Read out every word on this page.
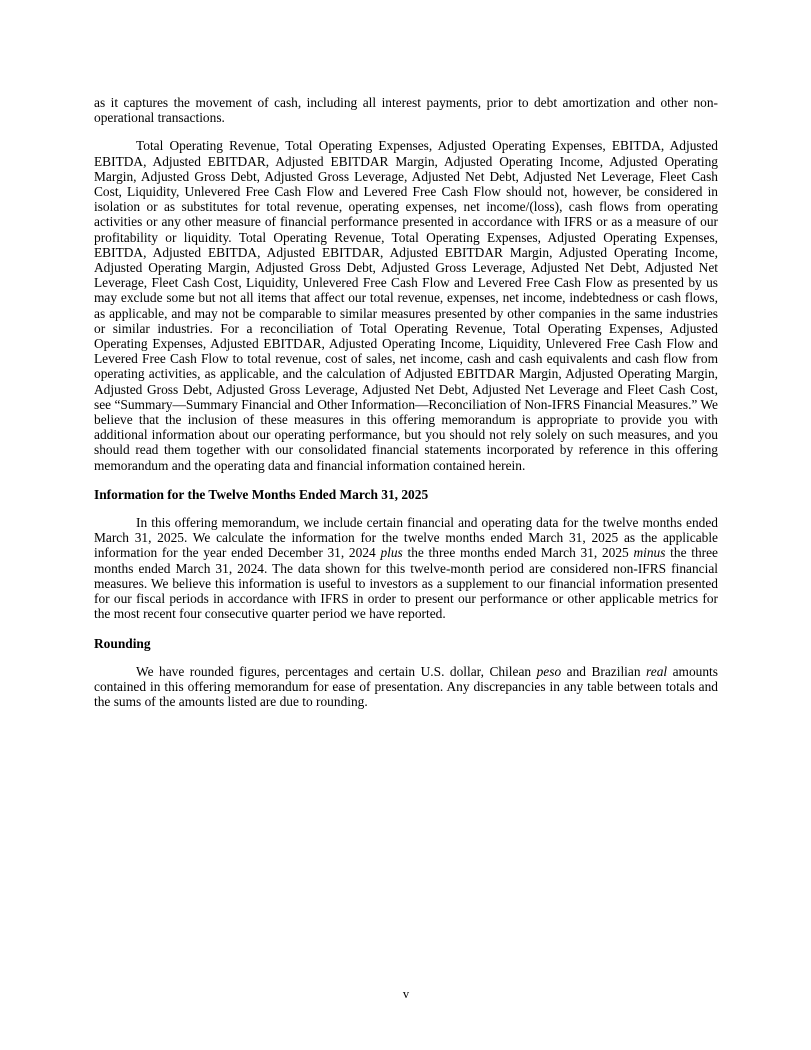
as it captures the movement of cash, including all interest payments, prior to debt amortization and other non-operational transactions.

Total Operating Revenue, Total Operating Expenses, Adjusted Operating Expenses, EBITDA, Adjusted EBITDA, Adjusted EBITDAR, Adjusted EBITDAR Margin, Adjusted Operating Income, Adjusted Operating Margin, Adjusted Gross Debt, Adjusted Gross Leverage, Adjusted Net Debt, Adjusted Net Leverage, Fleet Cash Cost, Liquidity, Unlevered Free Cash Flow and Levered Free Cash Flow should not, however, be considered in isolation or as substitutes for total revenue, operating expenses, net income/(loss), cash flows from operating activities or any other measure of financial performance presented in accordance with IFRS or as a measure of our profitability or liquidity. Total Operating Revenue, Total Operating Expenses, Adjusted Operating Expenses, EBITDA, Adjusted EBITDA, Adjusted EBITDAR, Adjusted EBITDAR Margin, Adjusted Operating Income, Adjusted Operating Margin, Adjusted Gross Debt, Adjusted Gross Leverage, Adjusted Net Debt, Adjusted Net Leverage, Fleet Cash Cost, Liquidity, Unlevered Free Cash Flow and Levered Free Cash Flow as presented by us may exclude some but not all items that affect our total revenue, expenses, net income, indebtedness or cash flows, as applicable, and may not be comparable to similar measures presented by other companies in the same industries or similar industries. For a reconciliation of Total Operating Revenue, Total Operating Expenses, Adjusted Operating Expenses, Adjusted EBITDAR, Adjusted Operating Income, Liquidity, Unlevered Free Cash Flow and Levered Free Cash Flow to total revenue, cost of sales, net income, cash and cash equivalents and cash flow from operating activities, as applicable, and the calculation of Adjusted EBITDAR Margin, Adjusted Operating Margin, Adjusted Gross Debt, Adjusted Gross Leverage, Adjusted Net Debt, Adjusted Net Leverage and Fleet Cash Cost, see “Summary—Summary Financial and Other Information—Reconciliation of Non-IFRS Financial Measures.” We believe that the inclusion of these measures in this offering memorandum is appropriate to provide you with additional information about our operating performance, but you should not rely solely on such measures, and you should read them together with our consolidated financial statements incorporated by reference in this offering memorandum and the operating data and financial information contained herein.

Information for the Twelve Months Ended March 31, 2025

In this offering memorandum, we include certain financial and operating data for the twelve months ended March 31, 2025. We calculate the information for the twelve months ended March 31, 2025 as the applicable information for the year ended December 31, 2024 plus the three months ended March 31, 2025 minus the three months ended March 31, 2024. The data shown for this twelve-month period are considered non-IFRS financial measures. We believe this information is useful to investors as a supplement to our financial information presented for our fiscal periods in accordance with IFRS in order to present our performance or other applicable metrics for the most recent four consecutive quarter period we have reported.

Rounding

We have rounded figures, percentages and certain U.S. dollar, Chilean peso and Brazilian real amounts contained in this offering memorandum for ease of presentation. Any discrepancies in any table between totals and the sums of the amounts listed are due to rounding.

v
